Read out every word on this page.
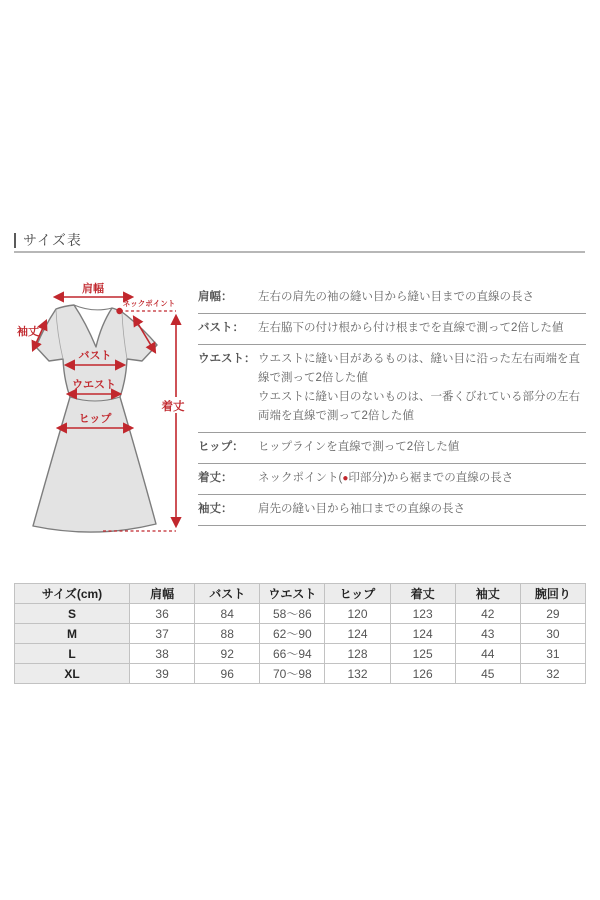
サイズ表
肩幅
ネックポイント
袖丈
バスト
ウエスト
ヒップ
着丈
肩幅：	左右の肩先の袖の縫い目から縫い目までの直線の長さ
バスト：	左右脇下の付け根から付け根までを直線で測って2倍した値
ウエスト： ウエストに縫い目があるものは、縫い目に沿った左右両端を直線で測って2倍した値
ウエストに縫い目のないものは、一番くびれている部分の左右両端を直線で測って2倍した値
ヒップ：	ヒップラインを直線で測って2倍した値
着丈：	ネックポイント(●印部分)から裾までの直線の長さ
袖丈：	肩先の縫い目から袖口までの直線の長さ
サイズ(cm)	肩幅	バスト	ウエスト	ヒップ	着丈	袖丈	腕回り
S	36	84	58〜86	120	123	42	29
M	37	88	62〜90	124	124	43	30
L	38	92	66〜94	128	125	44	31
XL	39	96	70〜98	132	126	45	32
